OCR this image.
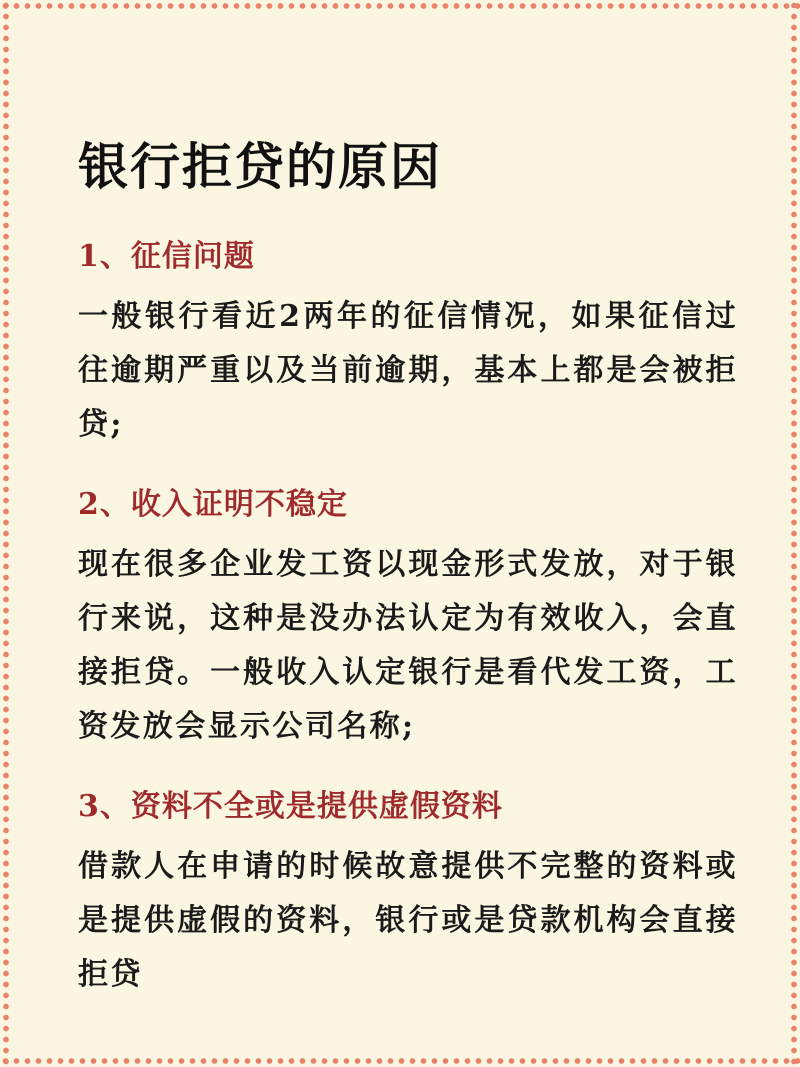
银行拒贷的原因
1、征信问题

一般银行看近2两年的征信情况，如果征信过往逾期严重以及当前逾期，基本上都是会被拒贷;

2、收入证明不稳定

现在很多企业发工资以现金形式发放，对于银行来说，这种是没办法认定为有效收入，会直接拒贷。一般收入认定银行是看代发工资，工资发放会显示公司名称;

3、资料不全或是提供虚假资料

借款人在申请的时候故意提供不完整的资料或是提供虚假的资料，银行或是贷款机构会直接拒贷
